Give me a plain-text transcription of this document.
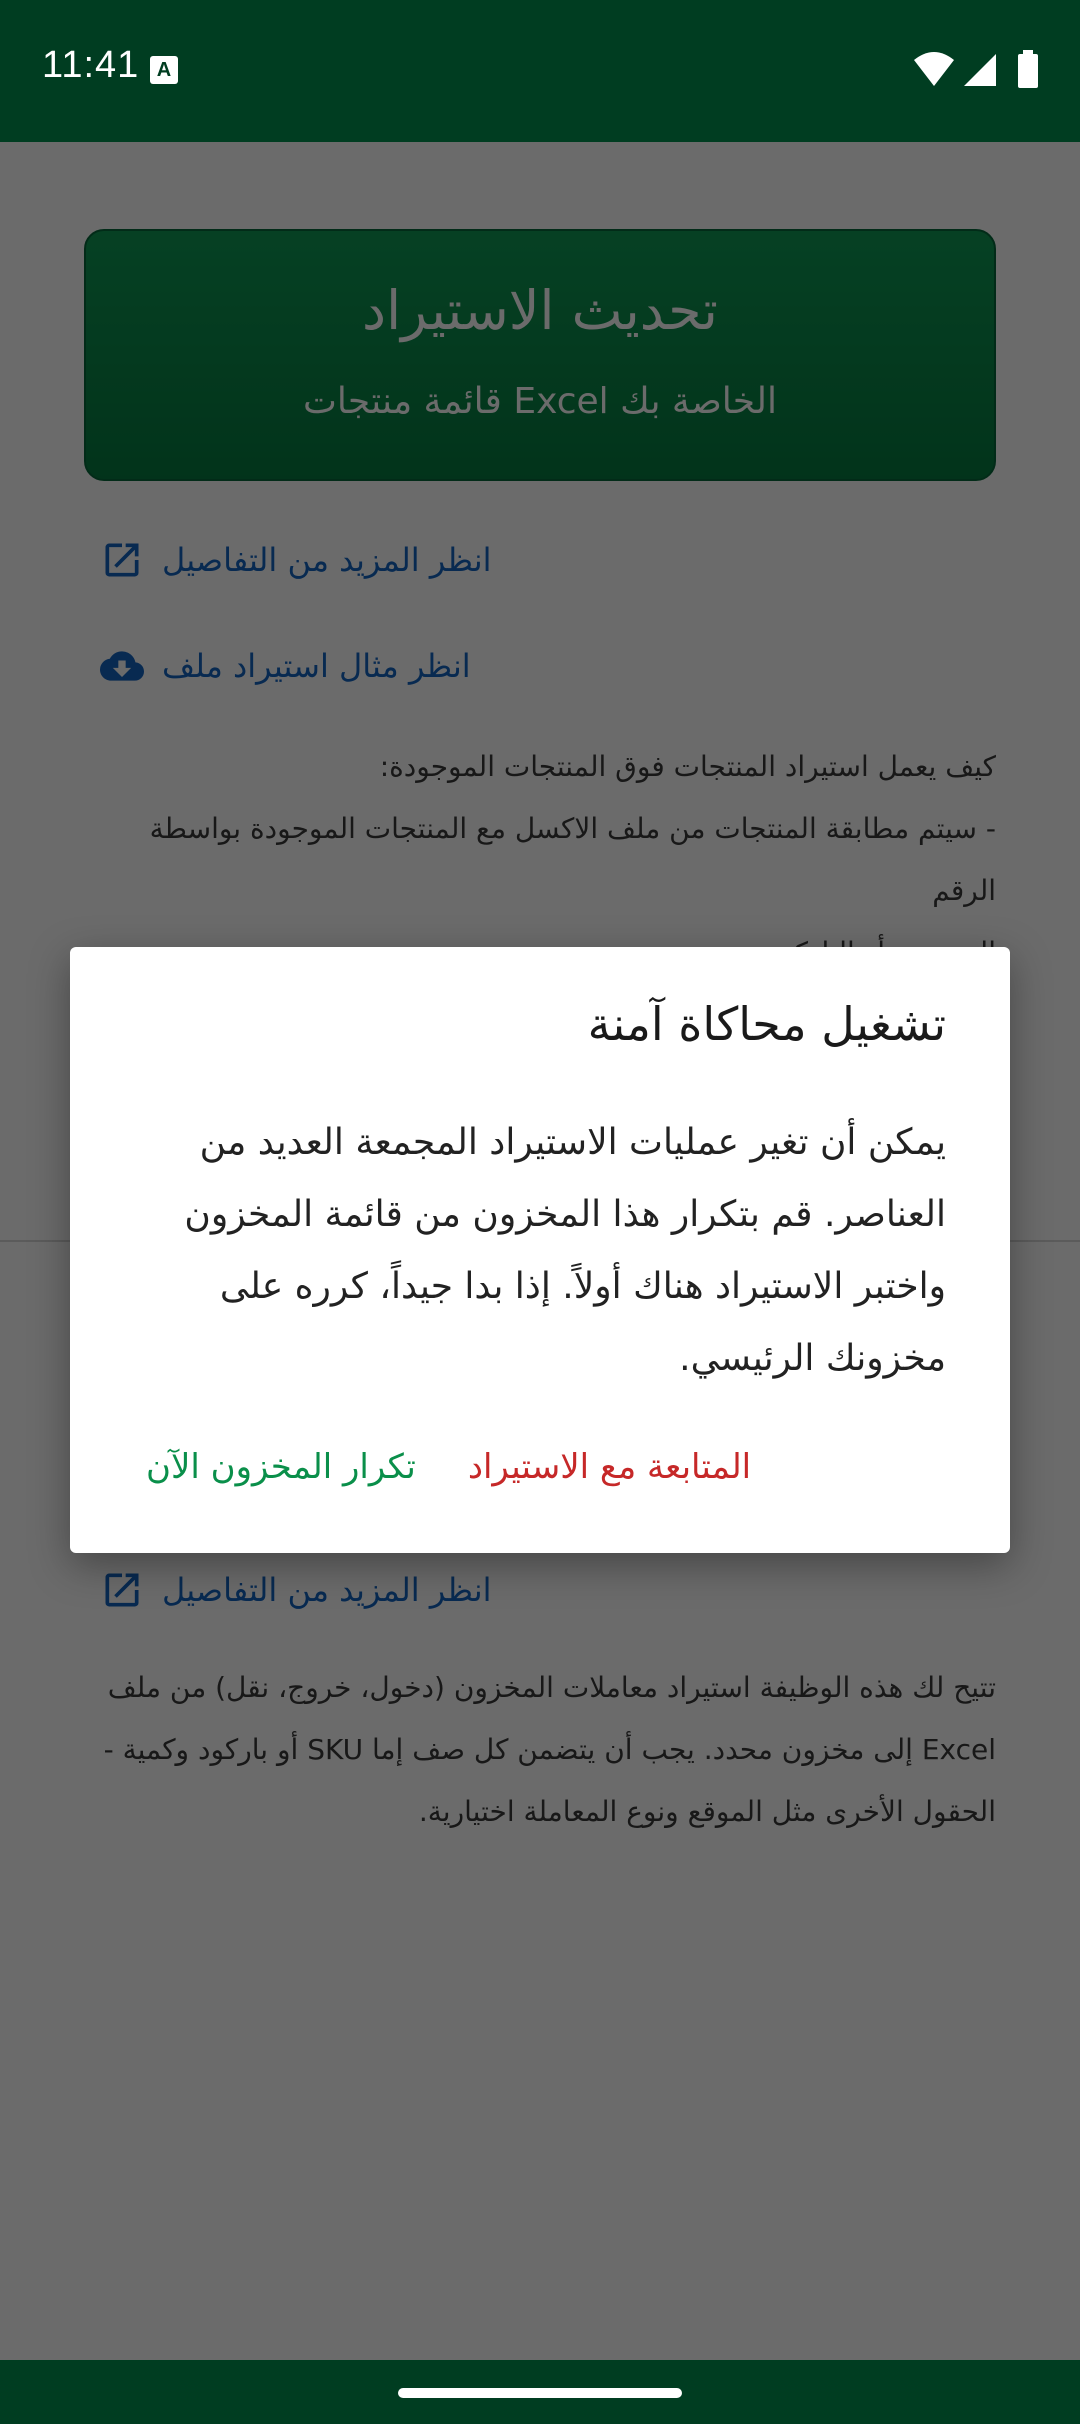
11:41 A
تشغيل محاكاة آمنة
يمكن أن تغير عمليات الاستيراد المجمعة العديد من العناصر. قم بتكرار هذا المخزون من قائمة المخزون واختبر الاستيراد هناك أولاً. إذا بدا جيداً، كرره على مخزونك الرئيسي.
تكرار المخزون الآن	المتابعة مع الاستيراد
